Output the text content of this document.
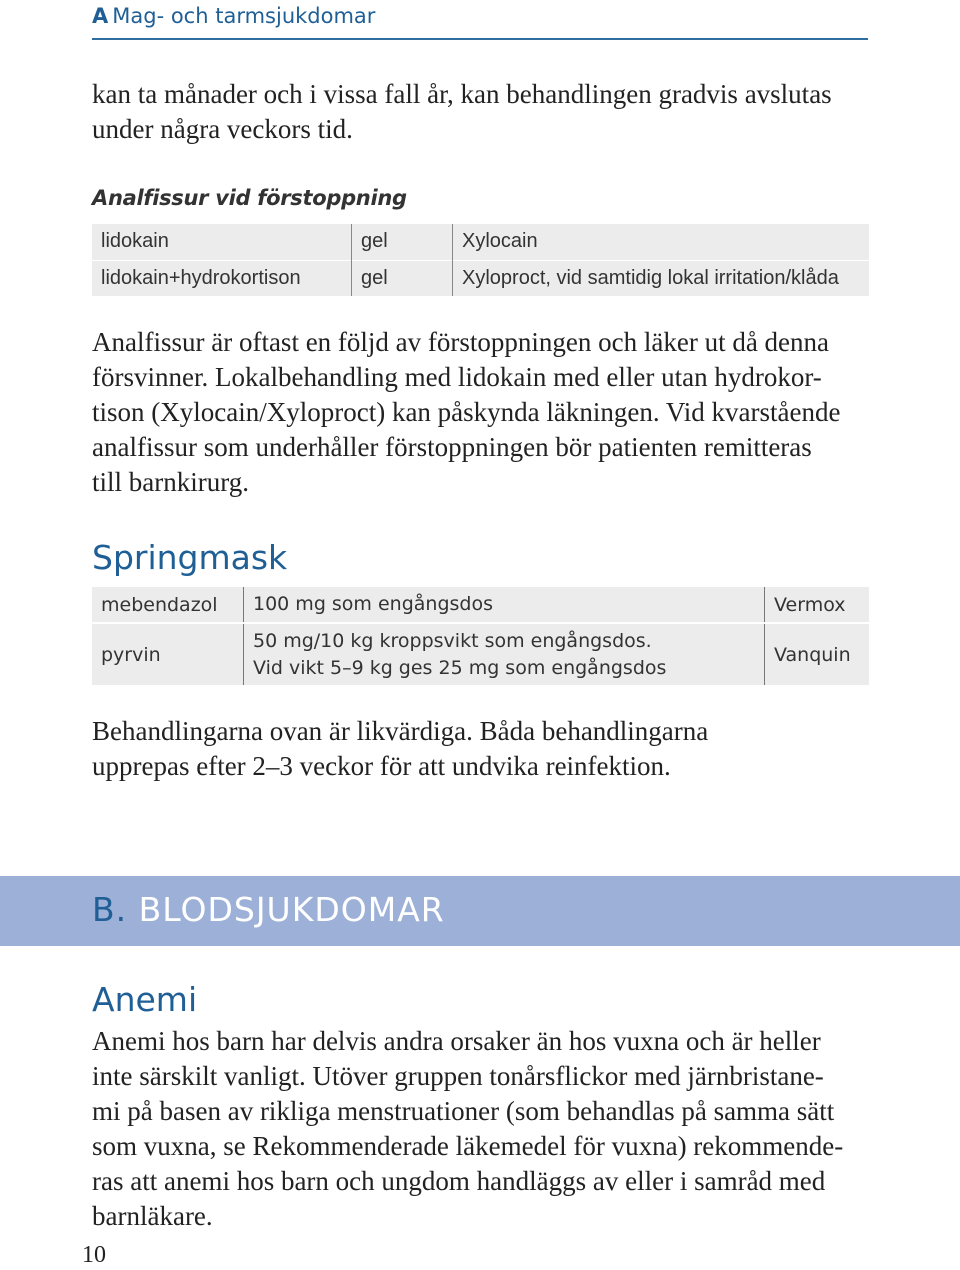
A Mag- och tarmsjukdomar

kan ta månader och i vissa fall år, kan behandlingen gradvis avslutas
under några veckors tid.

Analfissur vid förstoppning
lidokain	gel	Xylocain
lidokain+hydrokortison	gel	Xyloproct, vid samtidig lokal irritation/klåda

Analfissur är oftast en följd av förstoppningen och läker ut då denna
försvinner. Lokalbehandling med lidokain med eller utan hydrokor-
tison (Xylocain/Xyloproct) kan påskynda läkningen. Vid kvarstående
analfissur som underhåller förstoppningen bör patienten remitteras
till barnkirurg.

Springmask
mebendazol	100 mg som engångsdos	Vermox
pyrvin	50 mg/10 kg kroppsvikt som engångsdos.
Vid vikt 5–9 kg ges 25 mg som engångsdos	Vanquin

Behandlingarna ovan är likvärdiga. Båda behandlingarna
upprepas efter 2–3 veckor för att undvika reinfektion.

B. BLODSJUKDOMAR
Anemi

Anemi hos barn har delvis andra orsaker än hos vuxna och är heller
inte särskilt vanligt. Utöver gruppen tonårsflickor med järnbristane-
mi på basen av rikliga menstruationer (som behandlas på samma sätt
som vuxna, se Rekommenderade läkemedel för vuxna) rekommende-
ras att anemi hos barn och ungdom handläggs av eller i samråd med
barnläkare.

10
